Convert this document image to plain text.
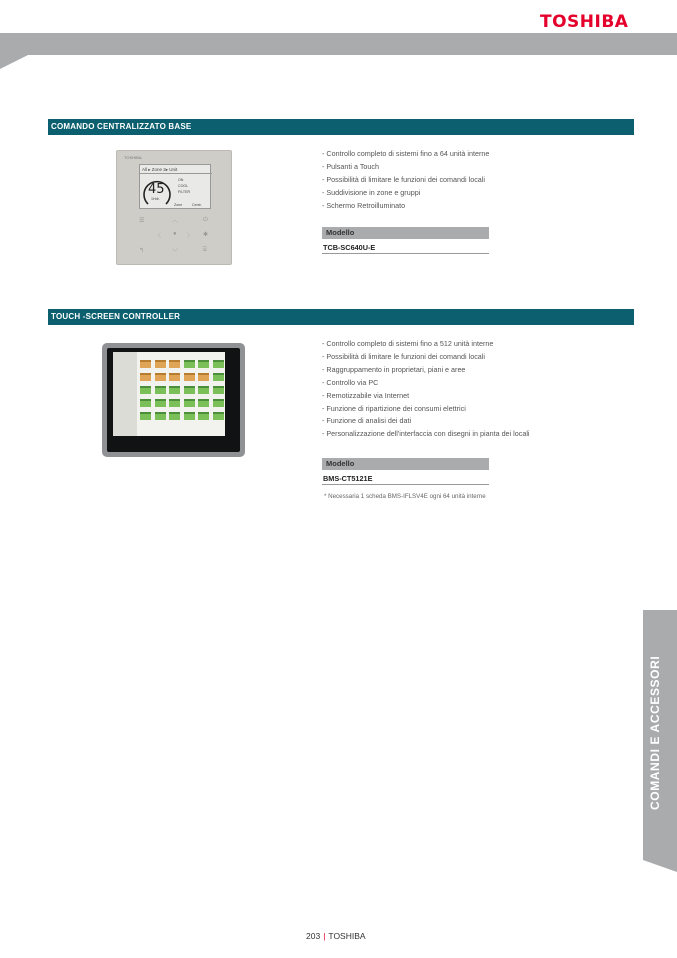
TOSHIBA
COMANDO CENTRALIZZATO BASE
TOSHIBA
All ▸ Zone 2▸ Unit
45
1Hdr.
ON
COOL
FILTER
Zone	Centr.
☰	︿	⏻
〈 ● 〉 ✱
↰	﹀	⌸
- Controllo completo di sistemi fino a 64 unità interne
- Pulsanti a Touch
- Possibilità di limitare le funzioni dei comandi locali
- Suddivisione in zone e gruppi
- Schermo Retroilluminato
Modello
TCB-SC640U-E
TOUCH -SCREEN CONTROLLER
- Controllo completo di sistemi fino a 512 unità interne
- Possibilità di limitare le funzioni dei comandi locali
- Raggruppamento in proprietari, piani e aree
- Controllo via PC
- Remotizzabile via Internet
- Funzione di ripartizione dei consumi elettrici
- Funzione di analisi dei dati
- Personalizzazione dell'interfaccia con disegni in pianta dei locali
Modello
BMS-CT5121E
* Necessaria 1 scheda BMS-IFLSV4E ogni 64 unità interne
COMANDI E ACCESSORI
203 | TOSHIBA
